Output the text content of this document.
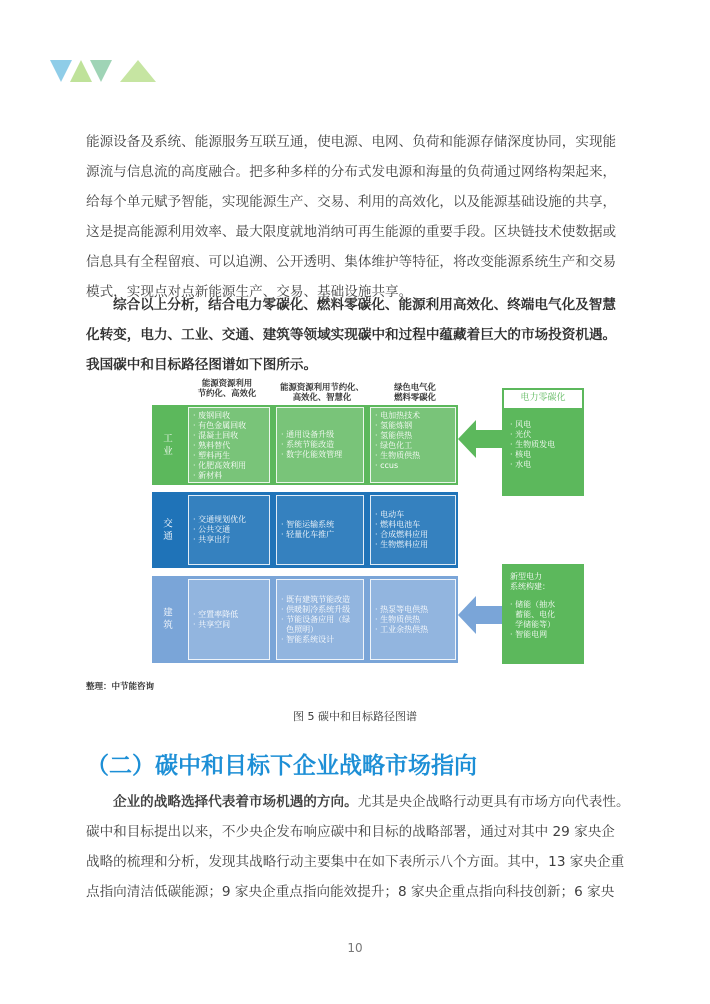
能源设备及系统、能源服务互联互通，使电源、电网、负荷和能源存储深度协同，实现能
源流与信息流的高度融合。把多种多样的分布式发电源和海量的负荷通过网络构架起来，
给每个单元赋予智能，实现能源生产、交易、利用的高效化，以及能源基础设施的共享，
这是提高能源利用效率、最大限度就地消纳可再生能源的重要手段。区块链技术使数据或
信息具有全程留痕、可以追溯、公开透明、集体维护等特征，将改变能源系统生产和交易
模式，实现点对点新能源生产、交易、基础设施共享。
综合以上分析，结合电力零碳化、燃料零碳化、能源利用高效化、终端电气化及智慧
化转变，电力、工业、交通、建筑等领域实现碳中和过程中蕴藏着巨大的市场投资机遇。
我国碳中和目标路径图谱如下图所示。
能源资源利用
节约化、高效化
能源资源利用节约化、
高效化、智慧化
绿色电气化
燃料零碳化
工业
· 废钢回收
· 有色金属回收
· 混凝土回收
· 熟料替代
· 塑料再生
· 化肥高效利用
· 新材料
· 通用设备升级
· 系统节能改造
· 数字化能效管理
· 电加热技术
· 氢能炼钢
· 氢能供热
· 绿色化工
· 生物质供热
· ccus
交通	· 交通规划优化
· 公共交通
· 共享出行
· 智能运输系统
· 轻量化车推广
· 电动车
· 燃料电池车
· 合成燃料应用
· 生物燃料应用
建筑	· 空置率降低
· 共享空间
· 既有建筑节能改造
· 供暖制冷系统升级
· 节能设备应用（绿
色照明）
· 智能系统设计
· 热泵等电供热
· 生物质供热
· 工业余热供热
电力零碳化
· 风电
· 光伏
· 生物质发电
· 核电
· 水电
新型电力
系统构建：
· 储能（抽水
蓄能、电化
学储能等）
· 智能电网
整理：中节能咨询
图 5 碳中和目标路径图谱
（二）碳中和目标下企业战略市场指向
企业的战略选择代表着市场机遇的方向。尤其是央企战略行动更具有市场方向代表性。
碳中和目标提出以来，不少央企发布响应碳中和目标的战略部署，通过对其中 29 家央企
战略的梳理和分析，发现其战略行动主要集中在如下表所示八个方面。其中，13 家央企重
点指向清洁低碳能源；9 家央企重点指向能效提升；8 家央企重点指向科技创新；6 家央
10
